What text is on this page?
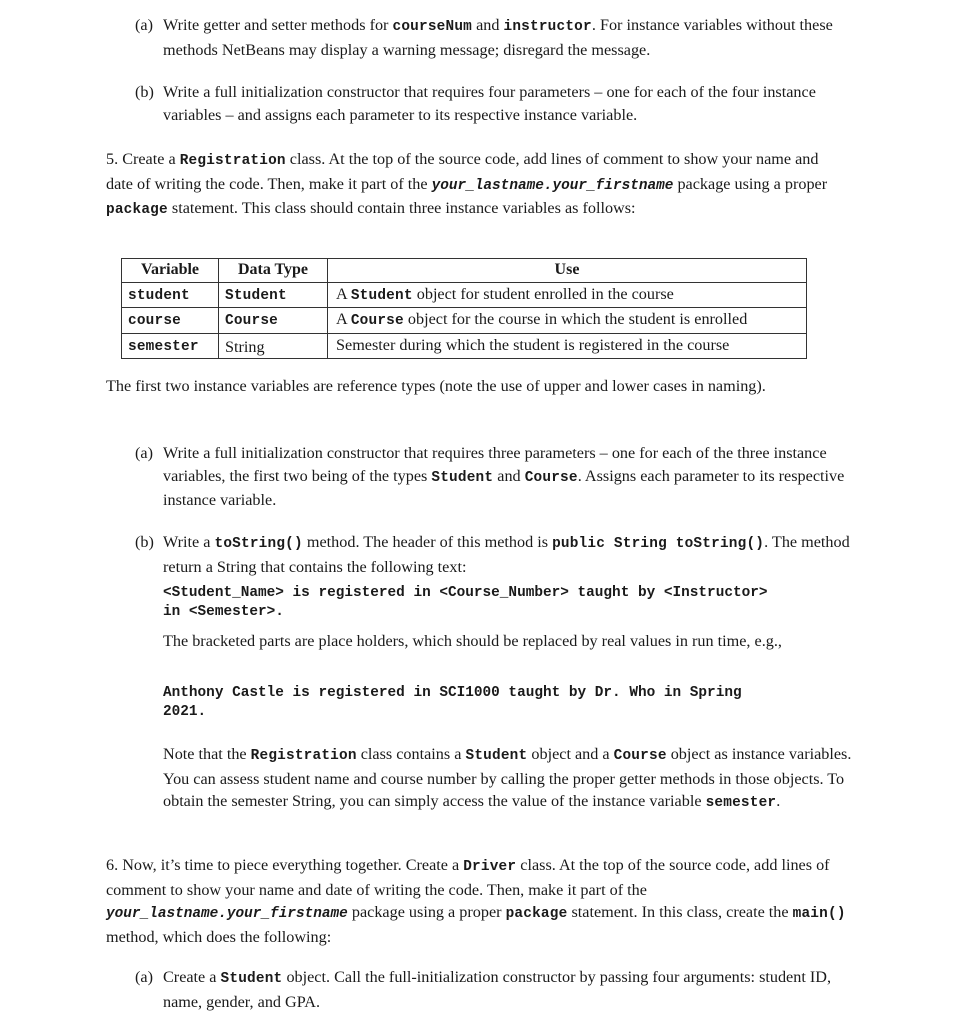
(a) Write getter and setter methods for courseNum and instructor. For instance variables without these methods NetBeans may display a warning message; disregard the message.
(b) Write a full initialization constructor that requires four parameters – one for each of the four instance variables – and assigns each parameter to its respective instance variable.
5. Create a Registration class. At the top of the source code, add lines of comment to show your name and date of writing the code. Then, make it part of the your_lastname.your_firstname package using a proper package statement. This class should contain three instance variables as follows:
Variable	Data Type	Use
student	Student	A Student object for student enrolled in the course
course	Course	A Course object for the course in which the student is enrolled
semester	String	Semester during which the student is registered in the course
The first two instance variables are reference types (note the use of upper and lower cases in naming).
(a) Write a full initialization constructor that requires three parameters – one for each of the three instance variables, the first two being of the types Student and Course. Assigns each parameter to its respective instance variable.
(b) Write a toString() method. The header of this method is public String toString(). The method return a String that contains the following text:
<Student_Name> is registered in <Course_Number> taught by <Instructor>
in <Semester>.
The bracketed parts are place holders, which should be replaced by real values in run time, e.g.,
Anthony Castle is registered in SCI1000 taught by Dr. Who in Spring
2021.
Note that the Registration class contains a Student object and a Course object as instance variables. You can assess student name and course number by calling the proper getter methods in those objects. To obtain the semester String, you can simply access the value of the instance variable semester.
6. Now, it’s time to piece everything together. Create a Driver class. At the top of the source code, add lines of comment to show your name and date of writing the code. Then, make it part of the your_lastname.your_firstname package using a proper package statement. In this class, create the main() method, which does the following:
(a) Create a Student object. Call the full-initialization constructor by passing four arguments: student ID, name, gender, and GPA.
